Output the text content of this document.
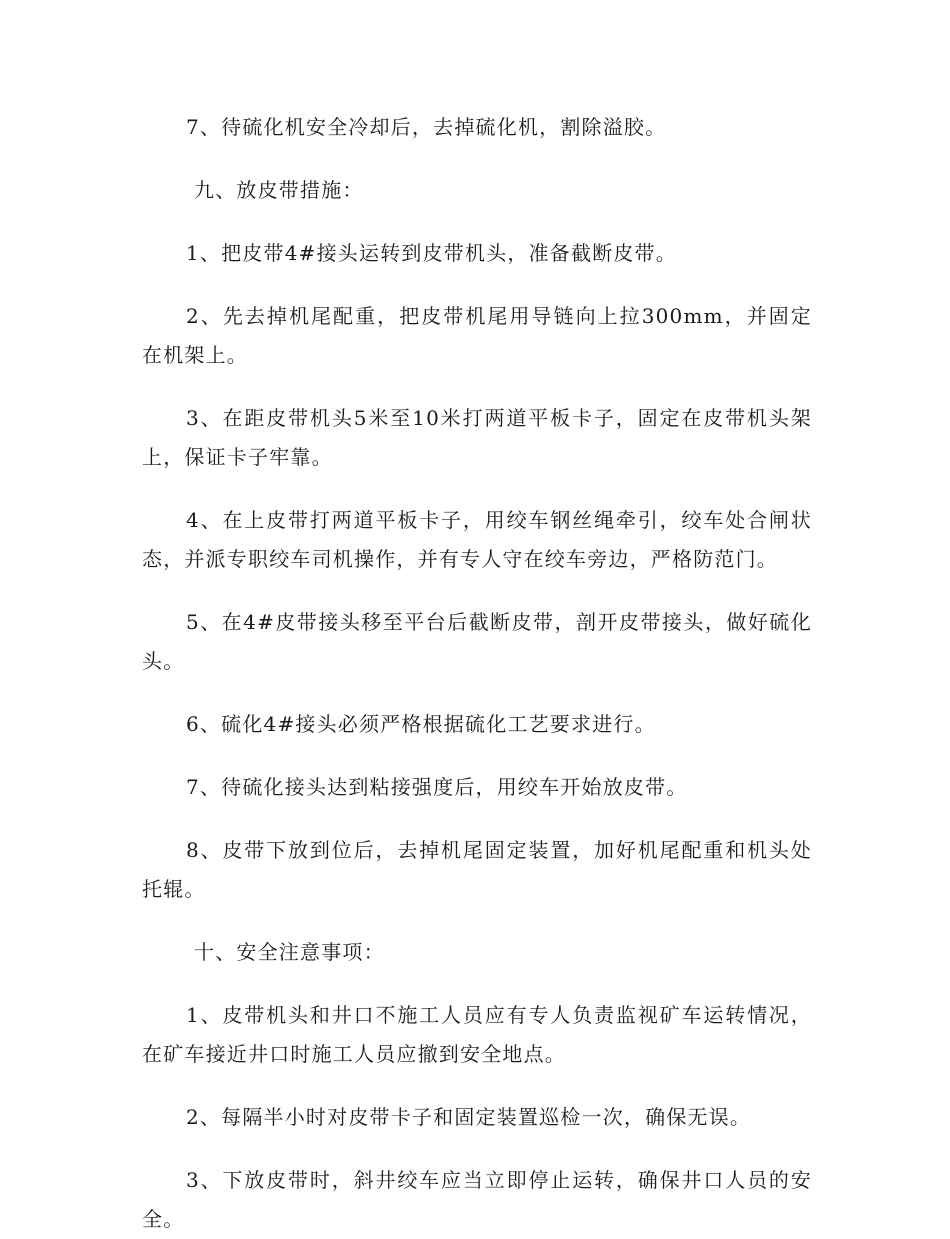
7、待硫化机安全冷却后，去掉硫化机，割除溢胶。

九、放皮带措施：

1、把皮带4#接头运转到皮带机头，准备截断皮带。

2、先去掉机尾配重，把皮带机尾用导链向上拉300mm，并固定在机架上。

3、在距皮带机头5米至10米打两道平板卡子，固定在皮带机头架上，保证卡子牢靠。

4、在上皮带打两道平板卡子，用绞车钢丝绳牵引，绞车处合闸状态，并派专职绞车司机操作，并有专人守在绞车旁边，严格防范门。

5、在4#皮带接头移至平台后截断皮带，剖开皮带接头，做好硫化头。

6、硫化4#接头必须严格根据硫化工艺要求进行。

7、待硫化接头达到粘接强度后，用绞车开始放皮带。

8、皮带下放到位后，去掉机尾固定装置，加好机尾配重和机头处托辊。

十、安全注意事项：

1、皮带机头和井口不施工人员应有专人负责监视矿车运转情况，在矿车接近井口时施工人员应撤到安全地点。

2、每隔半小时对皮带卡子和固定装置巡检一次，确保无误。

3、下放皮带时，斜井绞车应当立即停止运转，确保井口人员的安全。
